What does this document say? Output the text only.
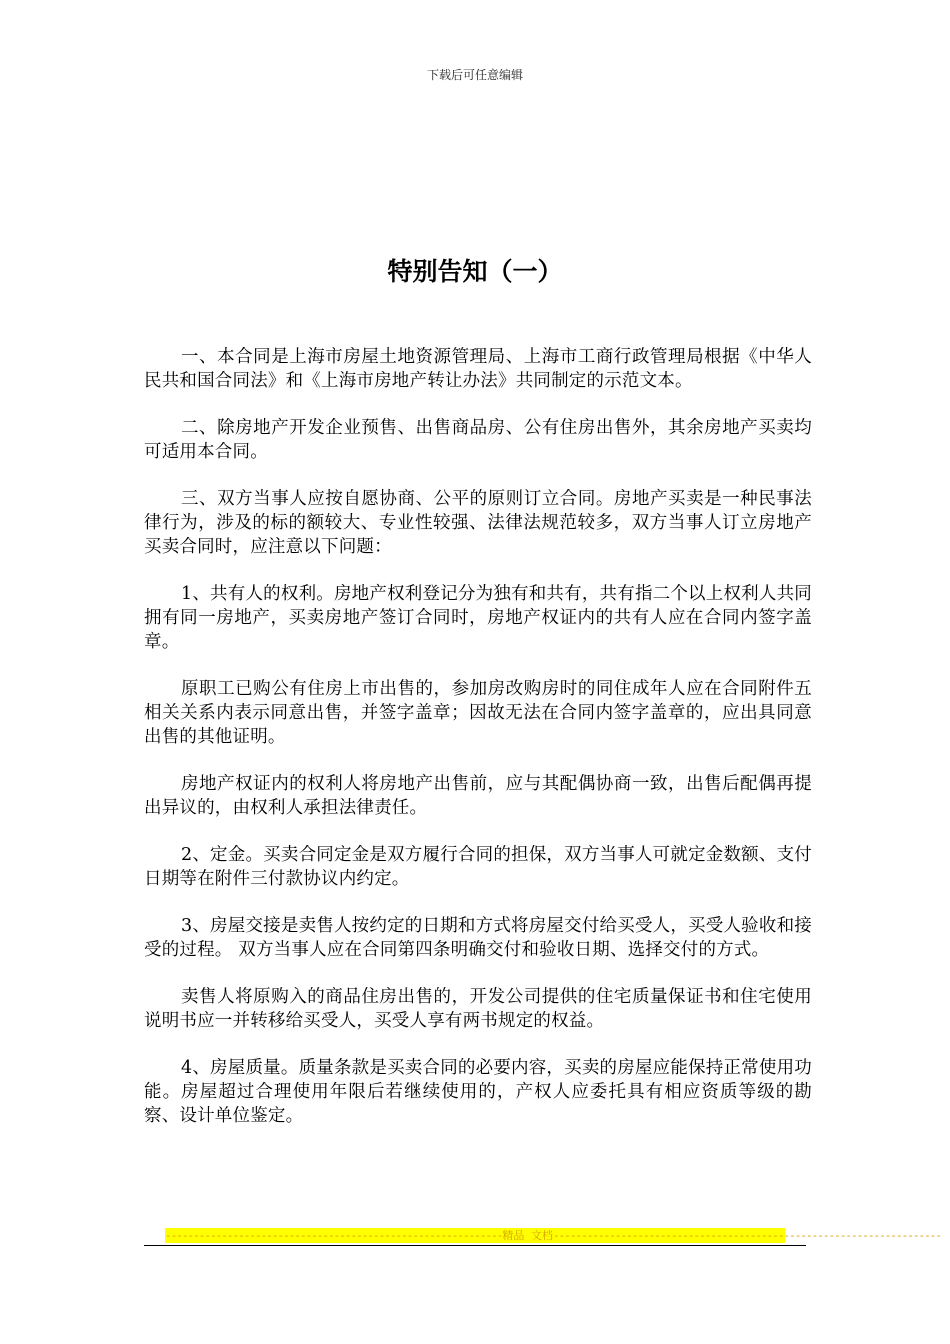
下载后可任意编辑
特别告知（一）

一、本合同是上海市房屋土地资源管理局、上海市工商行政管理局根据《中华人民共和国合同法》和《上海市房地产转让办法》共同制定的示范文本。

二、除房地产开发企业预售、出售商品房、公有住房出售外，其余房地产买卖均可适用本合同。

三、双方当事人应按自愿协商、公平的原则订立合同。房地产买卖是一种民事法律行为，涉及的标的额较大、专业性较强、法律法规范较多，双方当事人订立房地产买卖合同时，应注意以下问题：

1、共有人的权利。房地产权利登记分为独有和共有，共有指二个以上权利人共同拥有同一房地产，买卖房地产签订合同时，房地产权证内的共有人应在合同内签字盖章。

原职工已购公有住房上市出售的，参加房改购房时的同住成年人应在合同附件五相关关系内表示同意出售，并签字盖章；因故无法在合同内签字盖章的，应出具同意出售的其他证明。

房地产权证内的权利人将房地产出售前，应与其配偶协商一致，出售后配偶再提出异议的，由权利人承担法律责任。

2、定金。买卖合同定金是双方履行合同的担保，双方当事人可就定金数额、支付日期等在附件三付款协议内约定。

3、房屋交接是卖售人按约定的日期和方式将房屋交付给买受人，买受人验收和接受的过程。 双方当事人应在合同第四条明确交付和验收日期、选择交付的方式。

卖售人将原购入的商品住房出售的，开发公司提供的住宅质量保证书和住宅使用说明书应一并转移给买受人，买受人享有两书规定的权益。

4、房屋质量。质量条款是买卖合同的必要内容，买卖的房屋应能保持正常使用功能。房屋超过合理使用年限后若继续使用的，产权人应委托具有相应资质等级的勘察、设计单位鉴定。

------------------------------------------------------------精品 文档---------------------------------------------------------------------
